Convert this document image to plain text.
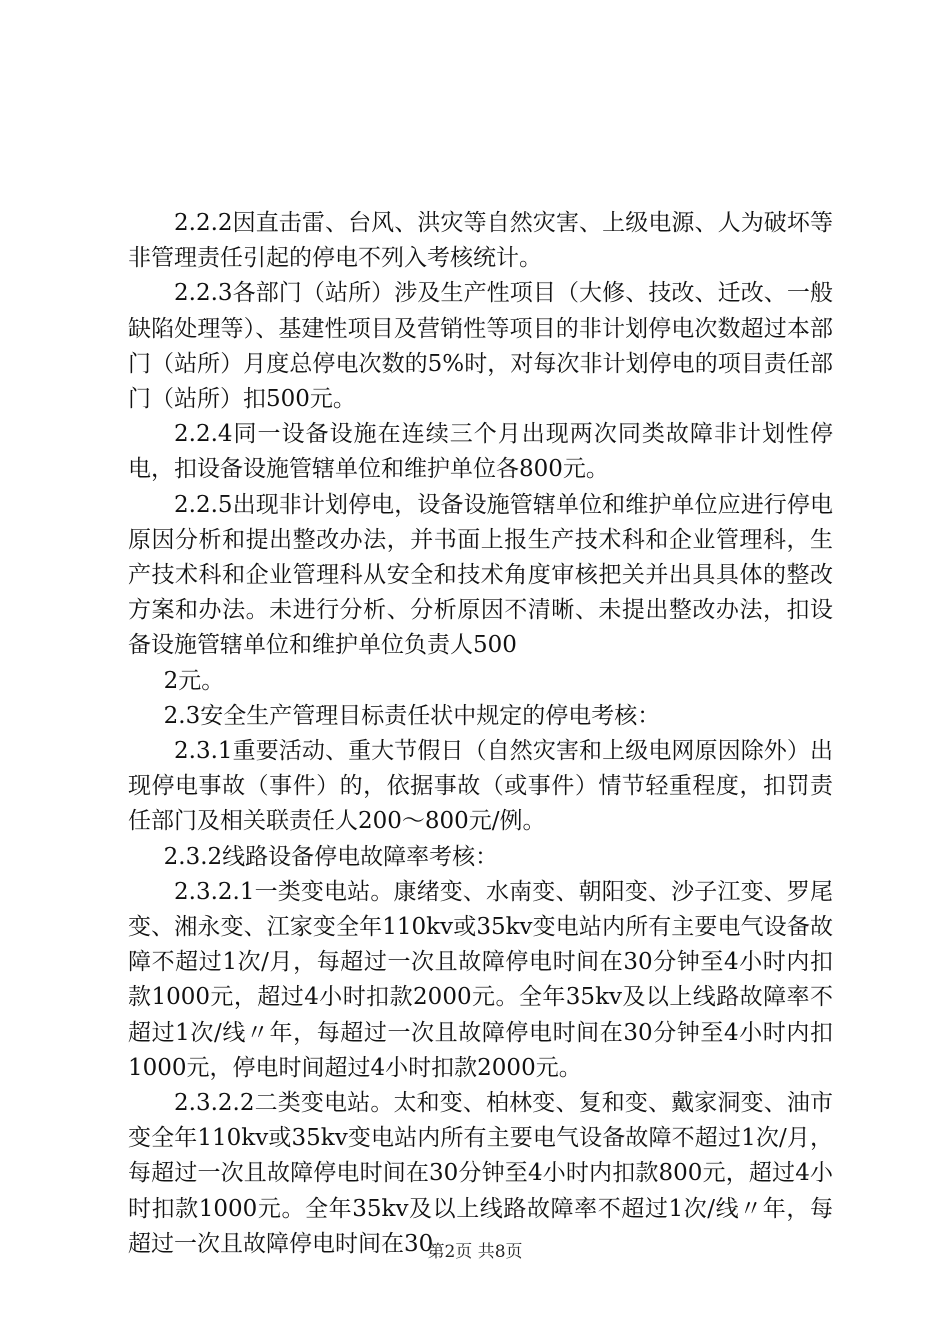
2.2.2因直击雷、台风、洪灾等自然灾害、上级电源、人为破坏等非管理责任引起的停电不列入考核统计。

2.2.3各部门（站所）涉及生产性项目（大修、技改、迁改、一般缺陷处理等）、基建性项目及营销性等项目的非计划停电次数超过本部门（站所）月度总停电次数的5%时，对每次非计划停电的项目责任部门（站所）扣500元。

2.2.4同一设备设施在连续三个月出现两次同类故障非计划性停电，扣设备设施管辖单位和维护单位各800元。

2.2.5出现非计划停电，设备设施管辖单位和维护单位应进行停电原因分析和提出整改办法，并书面上报生产技术科和企业管理科，生产技术科和企业管理科从安全和技术角度审核把关并出具具体的整改方案和办法。未进行分析、分析原因不清晰、未提出整改办法，扣设备设施管辖单位和维护单位负责人500

2元。

2.3安全生产管理目标责任状中规定的停电考核：

2.3.1重要活动、重大节假日（自然灾害和上级电网原因除外）出现停电事故（事件）的，依据事故（或事件）情节轻重程度，扣罚责任部门及相关联责任人200～800元/例。

2.3.2线路设备停电故障率考核：

2.3.2.1一类变电站。康绪变、水南变、朝阳变、沙子江变、罗尾变、湘永变、江家变全年110kv或35kv变电站内所有主要电气设备故障不超过1次/月，每超过一次且故障停电时间在30分钟至4小时内扣款1000元，超过4小时扣款2000元。全年35kv及以上线路故障率不超过1次/线〃年，每超过一次且故障停电时间在30分钟至4小时内扣1000元，停电时间超过4小时扣款2000元。

2.3.2.2二类变电站。太和变、柏林变、复和变、戴家洞变、油市变全年110kv或35kv变电站内所有主要电气设备故障不超过1次/月，每超过一次且故障停电时间在30分钟至4小时内扣款800元，超过4小时扣款1000元。全年35kv及以上线路故障率不超过1次/线〃年，每超过一次且故障停电时间在30

第2页 共8页
